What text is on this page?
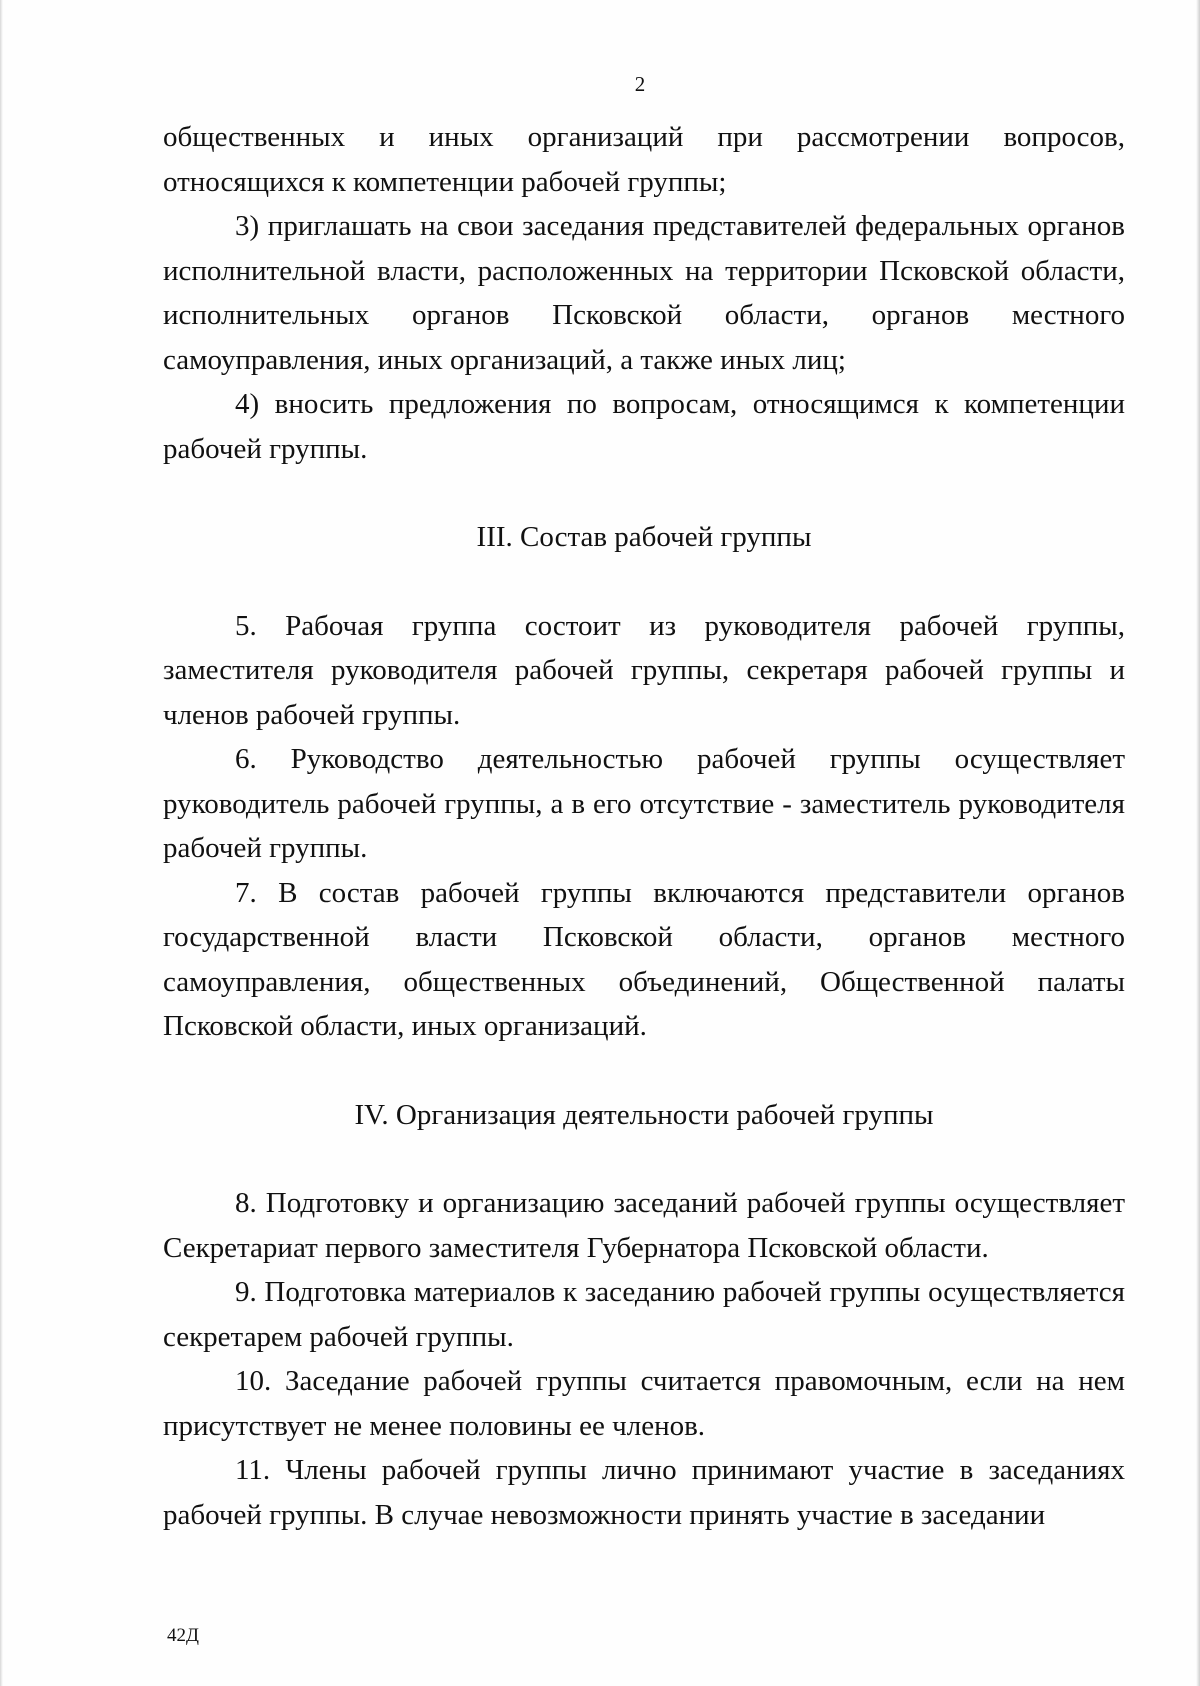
2

общественных и иных организаций при рассмотрении вопросов, относящихся к компетенции рабочей группы;

3) приглашать на свои заседания представителей федеральных органов исполнительной власти, расположенных на территории Псковской области, исполнительных органов Псковской области, органов местного самоуправления, иных организаций, а также иных лиц;

4) вносить предложения по вопросам, относящимся к компетенции рабочей группы.

III. Состав рабочей группы

5. Рабочая группа состоит из руководителя рабочей группы, заместителя руководителя рабочей группы, секретаря рабочей группы и членов рабочей группы.

6. Руководство деятельностью рабочей группы осуществляет руководитель рабочей группы, а в его отсутствие - заместитель руководителя рабочей группы.

7. В состав рабочей группы включаются представители органов государственной власти Псковской области, органов местного самоуправления, общественных объединений, Общественной палаты Псковской области, иных организаций.

IV. Организация деятельности рабочей группы

8. Подготовку и организацию заседаний рабочей группы осуществляет Секретариат первого заместителя Губернатора Псковской области.

9. Подготовка материалов к заседанию рабочей группы осуществляется секретарем рабочей группы.

10. Заседание рабочей группы считается правомочным, если на нем присутствует не менее половины ее членов.

11. Члены рабочей группы лично принимают участие в заседаниях рабочей группы. В случае невозможности принять участие в заседании

42Д
